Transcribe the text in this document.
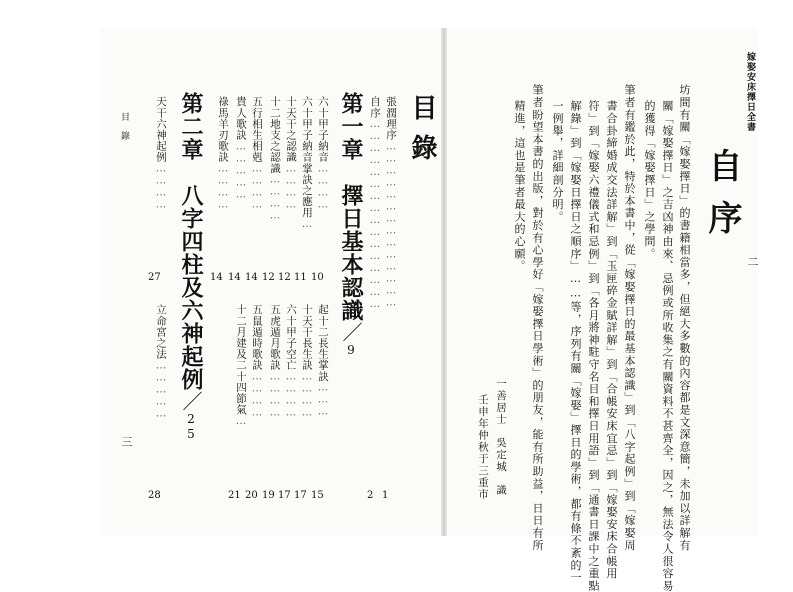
嫁娶安床擇日全書
二
自序
坊間有關「嫁娶擇日」的書籍相當多，但絕大多數的內容都是文深意簡，未加以詳解有
關「嫁娶擇日」之吉凶神由來、忌例或所收集之有關資料不甚齊全，因之，無法令人很容易
的獲得「嫁娶擇日」之學問。
筆者有鑑於此，特於本書中，從「嫁娶擇日的最基本認識」到「八字起例」到「嫁娶周
書合卦締婚成交法詳解」到「玉匣碎金賦詳解」到「合帳安床宜忌」到「嫁娶安床合帳用
符」到「嫁娶六禮儀式和忌例」到「各月將神駐守名目和擇日用語」到「通書日課中之重點
解錄」到「嫁娶日擇日之順序」……等，序列有關「嫁娶」擇日的學術，都有條不紊的一
一例舉，詳細剖分明。
筆者盼望本書的出版，對於有心學好「嫁娶擇日學術」的朋友，能有所助益，日日有所
精進，這也是筆者最大的心願。
一善居士　吳定城　識
壬申年仲秋于三重市
目 錄
三
目錄
張潤理序……………………………………
1
自序…………………………………………
2
第一章　擇日基本認識／9
六十甲子納音…………
六十甲子納音掌訣之應用…
十天干之認識…………
十二地支之認識…………
五行相生相剋…………
貴人歌訣……………
祿馬羊刃歌訣…………
10
11
12
12
14
14
14
起十二長生掌訣………
十天干長生訣…………
六十甲子空亡…………
五虎遁月歌訣…………
五鼠遁時歌訣…………
十二月建及二十四節氣…
15
17
17
19
20
21
第二章　八字四柱及六神起例／25
天干六神起例…………
27
立命宮之法……………
28
